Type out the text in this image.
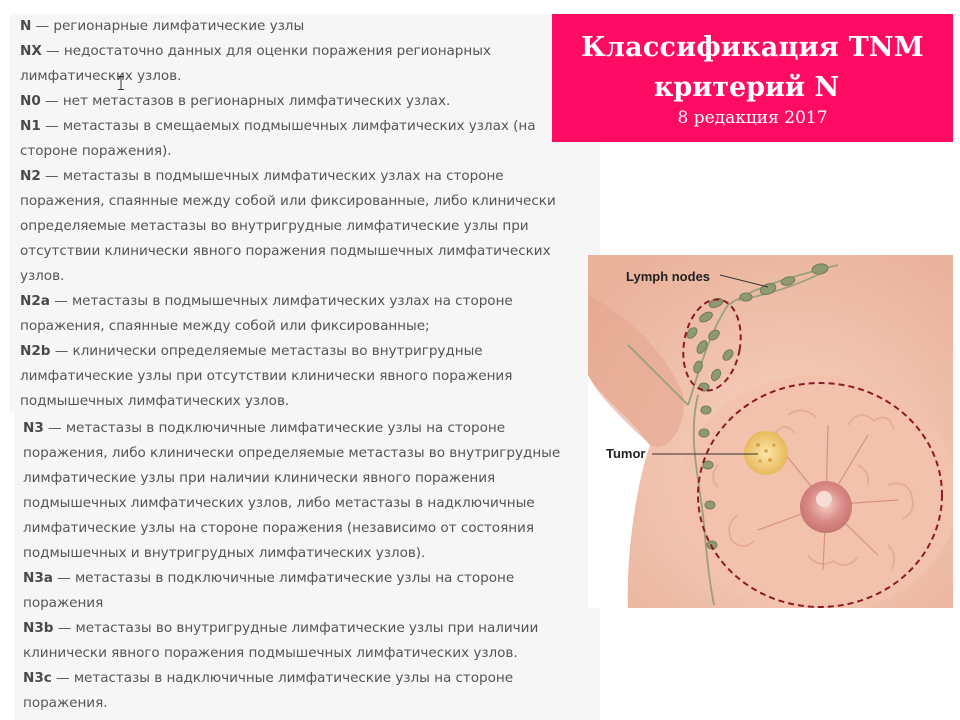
N — регионарные лимфатические узлы
NX — недостаточно данных для оценки поражения регионарных лимфатических узлов.
N0 — нет метастазов в регионарных лимфатических узлах.
N1 — метастазы в смещаемых подмышечных лимфатических узлах (на стороне поражения).
N2 — метастазы в подмышечных лимфатических узлах на стороне поражения, спаянные между собой или фиксированные, либо клинически определяемые метастазы во внутригрудные лимфатические узлы при отсутствии клинически явного поражения подмышечных лимфатических узлов.
N2a — метастазы в подмышечных лимфатических узлах на стороне поражения, спаянные между собой или фиксированные;
N2b — клинически определяемые метастазы во внутригрудные лимфатические узлы при отсутствии клинически явного поражения подмышечных лимфатических узлов.
N3 — метастазы в подключичные лимфатические узлы на стороне поражения, либо клинически определяемые метастазы во внутригрудные лимфатические узлы при наличии клинически явного поражения подмышечных лимфатических узлов, либо метастазы в надключичные лимфатические узлы на стороне поражения (независимо от состояния подмышечных и внутригрудных лимфатических узлов).
N3a — метастазы в подключичные лимфатические узлы на стороне поражения
N3b — метастазы во внутригрудные лимфатические узлы при наличии клинически явного поражения подмышечных лимфатических узлов.
N3c — метастазы в надключичные лимфатические узлы на стороне поражения.
Классификация TNM
критерий N
8 редакция 2017
Lymph nodes
Tumor
